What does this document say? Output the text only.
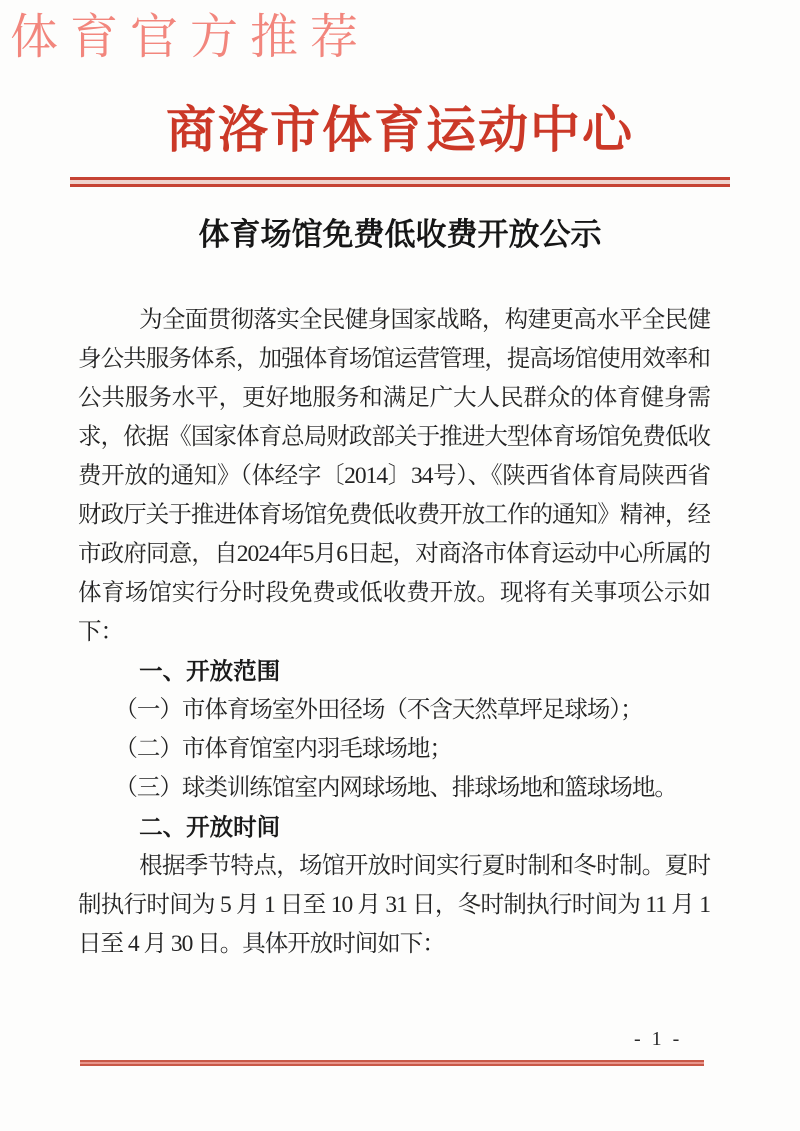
体育官方推荐
商洛市体育运动中心
体育场馆免费低收费开放公示
为全面贯彻落实全民健身国家战略，构建更高水平全民健身公共服务体系，加强体育场馆运营管理，提高场馆使用效率和公共服务水平，更好地服务和满足广大人民群众的体育健身需求，依据《国家体育总局财政部关于推进大型体育场馆免费低收费开放的通知》（体经字〔2014〕34号）、《陕西省体育局陕西省财政厅关于推进体育场馆免费低收费开放工作的通知》精神，经市政府同意，自2024年5月6日起，对商洛市体育运动中心所属的体育场馆实行分时段免费或低收费开放。现将有关事项公示如下：
一、开放范围
（一）市体育场室外田径场（不含天然草坪足球场）；
（二）市体育馆室内羽毛球场地；
（三）球类训练馆室内网球场地、排球场地和篮球场地。
二、开放时间
根据季节特点，场馆开放时间实行夏时制和冬时制。夏时制执行时间为 5 月 1 日至 10 月 31 日，冬时制执行时间为 11 月 1 日至 4 月 30 日。具体开放时间如下：
- 1 -
